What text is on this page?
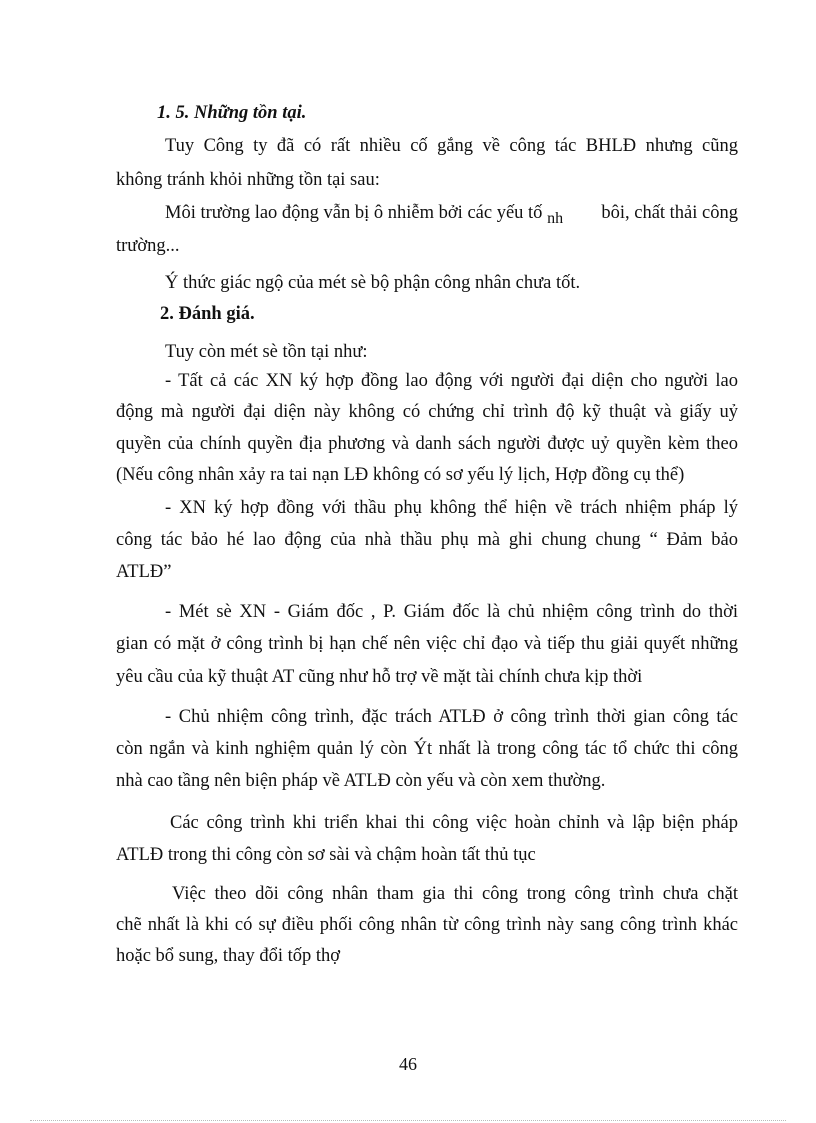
1. 5. Những tồn tại.
Tuy Công ty đã có rất nhiều cố gắng về công tác BHLĐ nhưng cũng
không tránh khỏi những tồn tại sau:
Môi trường lao động vẫn bị ô nhiễm bởi các yếu tố nh bôi, chất thải công
trường...
Ý thức giác ngộ của mét sè bộ phận công nhân chưa tốt.
2. Đánh giá.
Tuy còn mét sè tồn tại như:
- Tất cả các XN ký hợp đồng lao động với người đại diện cho người lao
động mà người đại diện này không có chứng chỉ trình độ kỹ thuật và giấy uỷ
quyền của chính quyền địa phương và danh sách người được uỷ quyền kèm theo
(Nếu công nhân xảy ra tai nạn LĐ không có sơ yếu lý lịch, Hợp đồng cụ thể)
- XN ký hợp đồng với thầu phụ không thể hiện về trách nhiệm pháp lý
công tác bảo hé lao động của nhà thầu phụ mà ghi chung chung “ Đảm bảo
ATLĐ”
- Mét sè XN - Giám đốc , P. Giám đốc là chủ nhiệm công trình do thời
gian có mặt ở công trình bị hạn chế nên việc chỉ đạo và tiếp thu giải quyết những
yêu cầu của kỹ thuật AT cũng như hỗ trợ về mặt tài chính chưa kịp thời
- Chủ nhiệm công trình, đặc trách ATLĐ ở công trình thời gian công tác
còn ngắn và kinh nghiệm quản lý còn Ýt nhất là trong công tác tổ chức thi công
nhà cao tầng nên biện pháp về ATLĐ còn yếu và còn xem thường.
Các công trình khi triển khai thi công việc hoàn chỉnh và lập biện pháp
ATLĐ trong thi công còn sơ sài và chậm hoàn tất thủ tục
Việc theo dõi công nhân tham gia thi công trong công trình chưa chặt
chẽ nhất là khi có sự điều phối công nhân từ công trình này sang công trình khác
hoặc bổ sung, thay đổi tốp thợ
46
